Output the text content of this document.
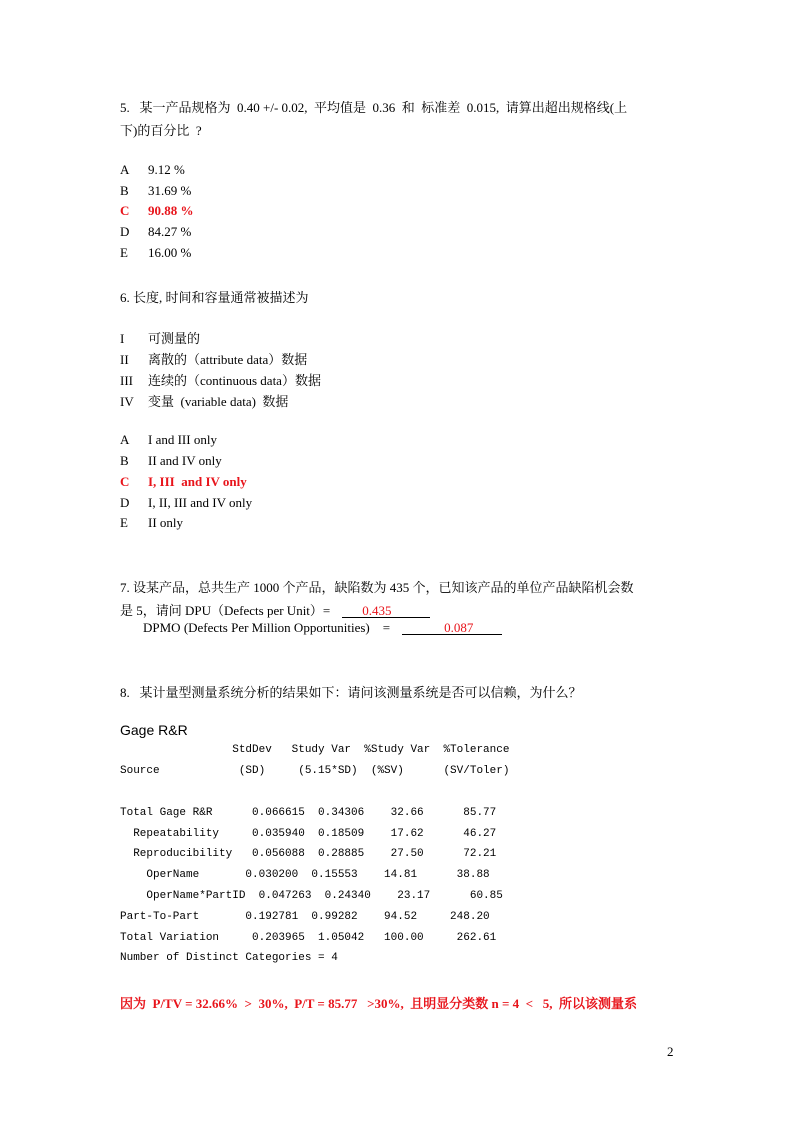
5.   某一产品规格为  0.40 +/- 0.02,  平均值是  0.36  和  标准差  0.015,  请算出超出规格线(上
下)的百分比  ?
A 9.12 %
B 31.69 %
C 90.88 %
D 84.27 %
E 16.00 %
6. 长度, 时间和容量通常被描述为
I 可测量的
II 离散的（attribute data）数据
III 连续的（continuous data）数据
IV 变量  (variable data)  数据
A I and III only
B II and IV only
C I, III  and IV only
D I, II, III and IV only
E II only
7. 设某产品，总共生产 1000 个产品，缺陷数为 435 个，已知该产品的单位产品缺陷机会数
是 5，请问 DPU（Defects per Unit）= 0.435
DPMO (Defects Per Million Opportunities)    =	0.087
8.   某计量型测量系统分析的结果如下：请问该测量系统是否可以信赖，为什么？
Gage R&R
StdDev   Study Var  %Study Var  %Tolerance
Source            (SD)     (5.15*SD)  (%SV)      (SV/Toler)
Total Gage R&R      0.066615  0.34306    32.66      85.77
Repeatability     0.035940  0.18509    17.62      46.27
Reproducibility   0.056088  0.28885    27.50      72.21
OperName       0.030200  0.15553    14.81      38.88
OperName*PartID  0.047263  0.24340    23.17      60.85
Part-To-Part       0.192781  0.99282    94.52     248.20
Total Variation     0.203965  1.05042   100.00     262.61
Number of Distinct Categories = 4
因为  P/TV = 32.66%  >  30%,  P/T = 85.77   >30%,  且明显分类数 n = 4  <   5,  所以该测量系
2
